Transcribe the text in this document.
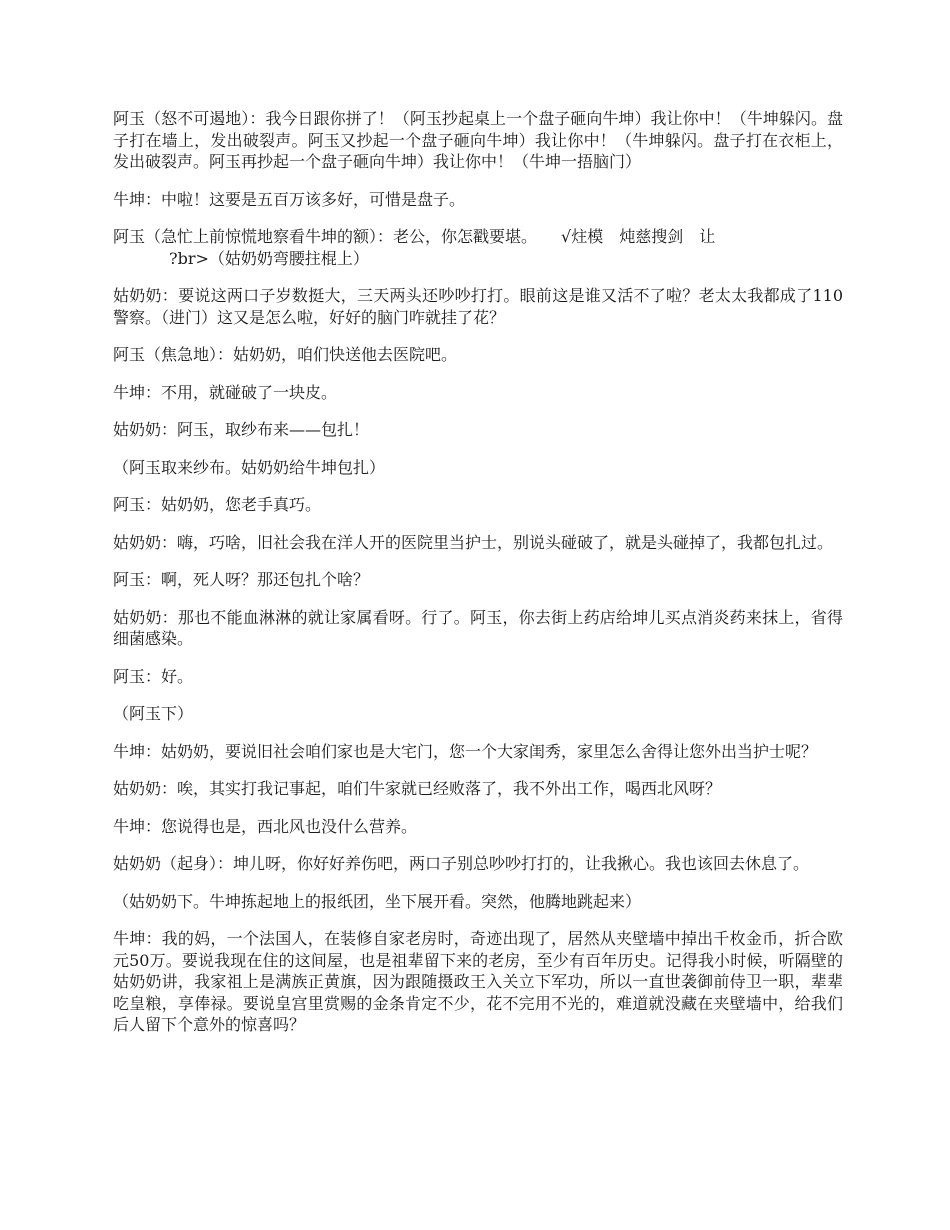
阿玉（怒不可遏地）：我今日跟你拼了！（阿玉抄起桌上一个盘子砸向牛坤）我让你中！（牛坤躲闪。盘子打在墙上，发出破裂声。阿玉又抄起一个盘子砸向牛坤）我让你中！（牛坤躲闪。盘子打在衣柜上，发出破裂声。阿玉再抄起一个盘子砸向牛坤）我让你中！（牛坤一捂脑门）

牛坤：中啦！这要是五百万该多好，可惜是盘子。

阿玉（急忙上前惊慌地察看牛坤的额）：老公，你怎戳要堪。　　√炷模　炖慈搜剑　让
?br>（姑奶奶弯腰拄棍上）

姑奶奶：要说这两口子岁数挺大，三天两头还吵吵打打。眼前这是谁又活不了啦？老太太我都成了110警察。（进门）这又是怎么啦，好好的脑门咋就挂了花？

阿玉（焦急地）：姑奶奶，咱们快送他去医院吧。

牛坤：不用，就碰破了一块皮。

姑奶奶：阿玉，取纱布来——包扎！

（阿玉取来纱布。姑奶奶给牛坤包扎）

阿玉：姑奶奶，您老手真巧。

姑奶奶：嗨，巧啥，旧社会我在洋人开的医院里当护士，别说头碰破了，就是头碰掉了，我都包扎过。

阿玉：啊，死人呀？那还包扎个啥？

姑奶奶：那也不能血淋淋的就让家属看呀。行了。阿玉，你去街上药店给坤儿买点消炎药来抹上，省得细菌感染。

阿玉：好。

（阿玉下）

牛坤：姑奶奶，要说旧社会咱们家也是大宅门，您一个大家闺秀，家里怎么舍得让您外出当护士呢？

姑奶奶：唉，其实打我记事起，咱们牛家就已经败落了，我不外出工作，喝西北风呀？

牛坤：您说得也是，西北风也没什么营养。

姑奶奶（起身）：坤儿呀，你好好养伤吧，两口子别总吵吵打打的，让我揪心。我也该回去休息了。

（姑奶奶下。牛坤拣起地上的报纸团，坐下展开看。突然，他腾地跳起来）

牛坤：我的妈，一个法国人，在装修自家老房时，奇迹出现了，居然从夹壁墙中掉出千枚金币，折合欧元50万。要说我现在住的这间屋，也是祖辈留下来的老房，至少有百年历史。记得我小时候，听隔壁的姑奶奶讲，我家祖上是满族正黄旗，因为跟随摄政王入关立下军功，所以一直世袭御前侍卫一职，辈辈吃皇粮，享俸禄。要说皇宫里赏赐的金条肯定不少，花不完用不光的，难道就没藏在夹壁墙中，给我们后人留下个意外的惊喜吗？
